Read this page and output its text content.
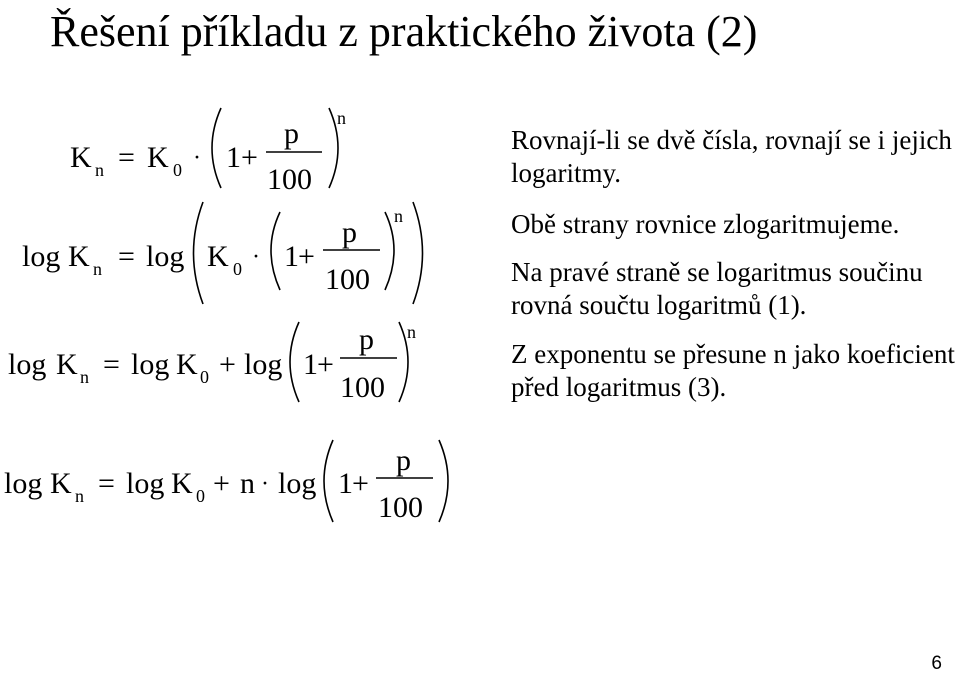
Řešení příkladu z praktického života (2)
K n = K 0 · 1 +
p
100
n
log K n = log K 0 · 1 +
p
100
n
log K n = log K 0 + log 1 +
p
100
n
log K n = log K 0 + n · log 1 +
p
100

Rovnají-li se dvě čísla, rovnají se i jejich logaritmy.

Obě strany rovnice zlogaritmujeme.

Na pravé straně se logaritmus součinu rovná součtu logaritmů (1).

Z exponentu se přesune n jako koeficient před logaritmus (3).

6
